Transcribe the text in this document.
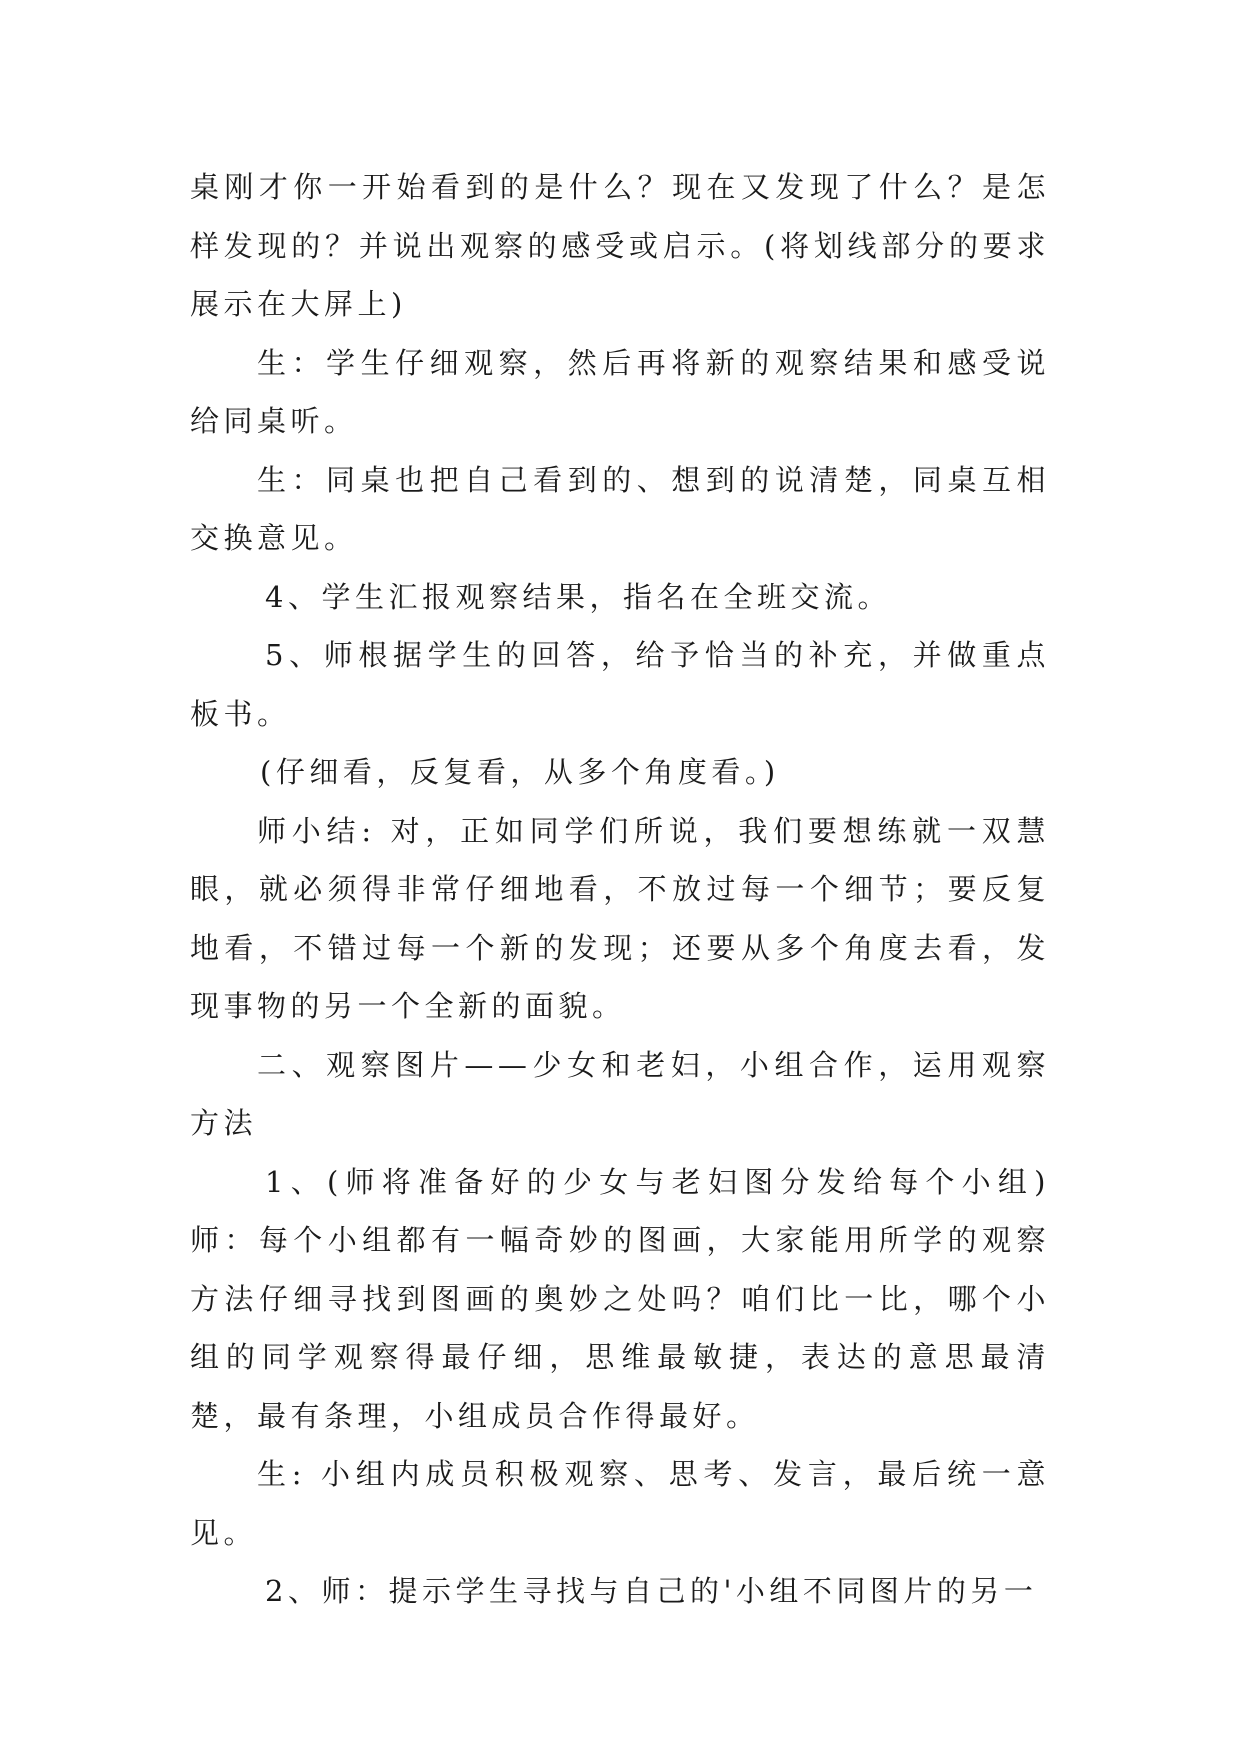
桌刚才你一开始看到的是什么？现在又发现了什么？是怎样发现的？并说出观察的感受或启示。(将划线部分的要求展示在大屏上)

生：学生仔细观察，然后再将新的观察结果和感受说给同桌听。

生：同桌也把自己看到的、想到的说清楚，同桌互相交换意见。

4、学生汇报观察结果，指名在全班交流。

5、师根据学生的回答，给予恰当的补充，并做重点板书。

(仔细看，反复看，从多个角度看。)

师小结: 对，正如同学们所说，我们要想练就一双慧眼，就必须得非常仔细地看，不放过每一个细节；要反复地看，不错过每一个新的发现；还要从多个角度去看，发现事物的另一个全新的面貌。

二、观察图片——少女和老妇，小组合作，运用观察方法

1、(师将准备好的少女与老妇图分发给每个小组)师：每个小组都有一幅奇妙的图画，大家能用所学的观察方法仔细寻找到图画的奥妙之处吗？咱们比一比，哪个小组的同学观察得最仔细，思维最敏捷，表达的意思最清楚，最有条理，小组成员合作得最好。

生: 小组内成员积极观察、思考、发言，最后统一意见。

2、师：提示学生寻找与自己的'小组不同图片的另一
